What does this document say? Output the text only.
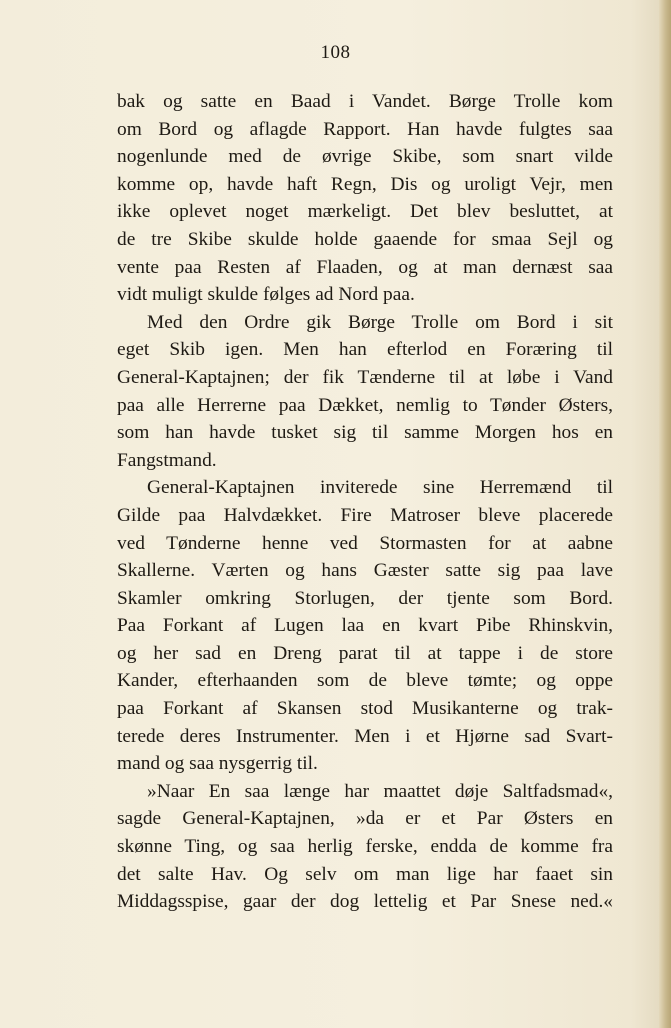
108
bak og satte en Baad i Vandet. Børge Trolle kom
om Bord og aflagde Rapport. Han havde fulgtes saa
nogenlunde med de øvrige Skibe, som snart vilde
komme op, havde haft Regn, Dis og uroligt Vejr, men
ikke oplevet noget mærkeligt. Det blev besluttet, at
de tre Skibe skulde holde gaaende for smaa Sejl og
vente paa Resten af Flaaden, og at man dernæst saa
vidt muligt skulde følges ad Nord paa.
Med den Ordre gik Børge Trolle om Bord i sit
eget Skib igen. Men han efterlod en Foræring til
General-Kaptajnen; der fik Tænderne til at løbe i Vand
paa alle Herrerne paa Dækket, nemlig to Tønder Østers,
som han havde tusket sig til samme Morgen hos en
Fangstmand.
General-Kaptajnen inviterede sine Herremænd til
Gilde paa Halvdækket. Fire Matroser bleve placerede
ved Tønderne henne ved Stormasten for at aabne
Skallerne. Værten og hans Gæster satte sig paa lave
Skamler omkring Storlugen, der tjente som Bord.
Paa Forkant af Lugen laa en kvart Pibe Rhinskvin,
og her sad en Dreng parat til at tappe i de store
Kander, efterhaanden som de bleve tømte; og oppe
paa Forkant af Skansen stod Musikanterne og trak-
terede deres Instrumenter. Men i et Hjørne sad Svart-
mand og saa nysgerrig til.
»Naar En saa længe har maattet døje Saltfadsmad«,
sagde General-Kaptajnen, »da er et Par Østers en
skønne Ting, og saa herlig ferske, endda de komme fra
det salte Hav. Og selv om man lige har faaet sin
Middagsspise, gaar der dog lettelig et Par Snese ned.«
